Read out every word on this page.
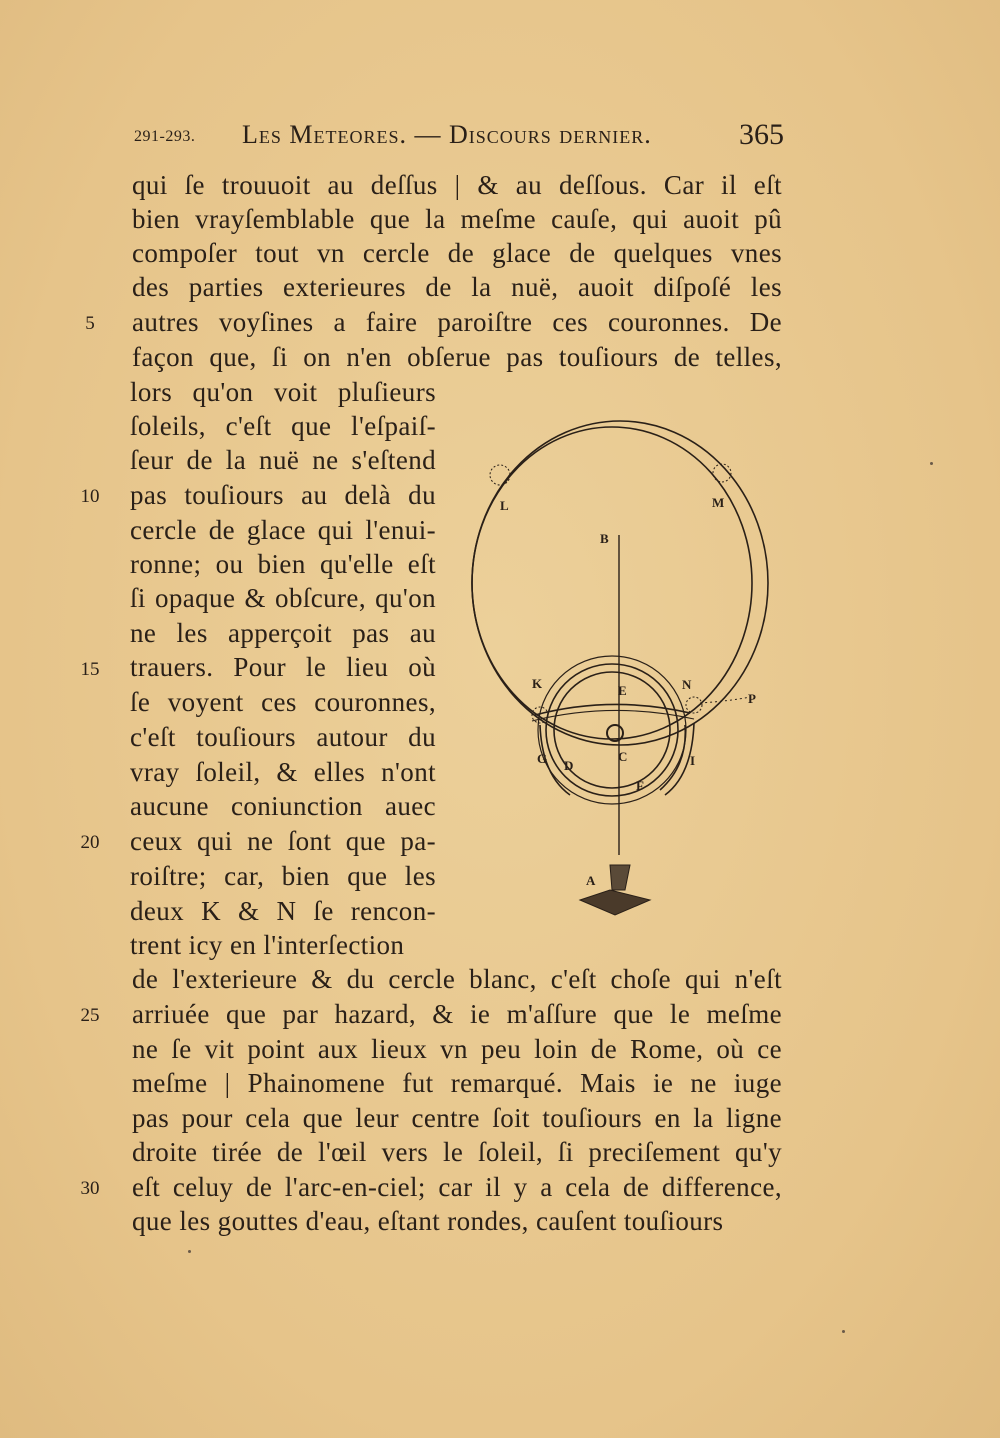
291-293. Les Meteores. — Discours dernier.	365
qui ſe trouuoit au deſſus | & au deſſous. Car il eſt
bien vrayſemblable que la meſme cauſe, qui auoit pû
compoſer tout vn cercle de glace de quelques vnes
des parties exterieures de la nuë, auoit diſpoſé les
autres voyſines a faire paroiſtre ces couronnes. De
façon que, ſi on n'en obſerue pas touſiours de telles,
lors qu'on voit pluſieurs
ſoleils, c'eſt que l'eſpaiſ-
ſeur de la nuë ne s'eſtend
pas touſiours au delà du
cercle de glace qui l'enui-
ronne; ou bien qu'elle eſt
ſi opaque & obſcure, qu'on
ne les apperçoit pas au
trauers. Pour le lieu où
ſe voyent ces couronnes,
c'eſt touſiours autour du
vray ſoleil, & elles n'ont
aucune coniunction auec
ceux qui ne ſont que pa-
roiſtre; car, bien que les
deux K & N ſe rencon-
trent icy en l'interſection
de l'exterieure & du cercle blanc, c'eſt choſe qui n'eſt
arriuée que par hazard, & ie m'aſſure que le meſme
ne ſe vit point aux lieux vn peu loin de Rome, où ce
meſme | Phainomene fut remarqué. Mais ie ne iuge
pas pour cela que leur centre ſoit touſiours en la ligne
droite tirée de l'œil vers le ſoleil, ſi preciſement qu'y
eſt celuy de l'arc-en-ciel; car il y a cela de difference,
que les gouttes d'eau, eſtant rondes, cauſent touſiours
5
10
15
20
25
30
B
L	M
K	N
E
P
G D
C	I
F
A
